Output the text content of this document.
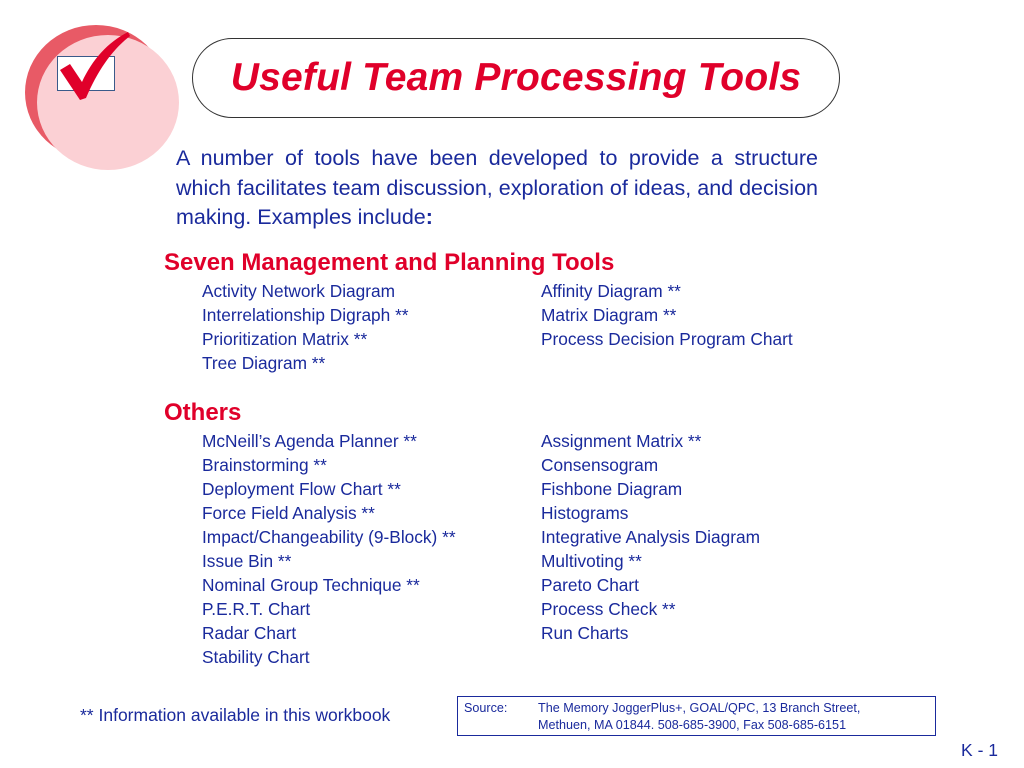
Useful Team Processing Tools
A number of tools have been developed to provide a structure which facilitates team discussion, exploration of ideas, and decision making. Examples include:
Seven Management and Planning Tools
Activity Network Diagram
Interrelationship Digraph **
Prioritization Matrix **
Tree Diagram **
Affinity Diagram **
Matrix Diagram **
Process Decision Program Chart
Others
McNeill’s Agenda Planner **
Brainstorming **
Deployment Flow Chart **
Force Field Analysis **
Impact/Changeability (9-Block) **
Issue Bin **
Nominal Group Technique **
P.E.R.T. Chart
Radar Chart
Stability Chart
Assignment Matrix **
Consensogram
Fishbone Diagram
Histograms
Integrative Analysis Diagram
Multivoting **
Pareto Chart
Process Check **
Run Charts
** Information available in this workbook	Source: The Memory JoggerPlus+, GOAL/QPC, 13 Branch Street,
Methuen, MA 01844. 508-685-3900, Fax 508-685-6151
K - 1
